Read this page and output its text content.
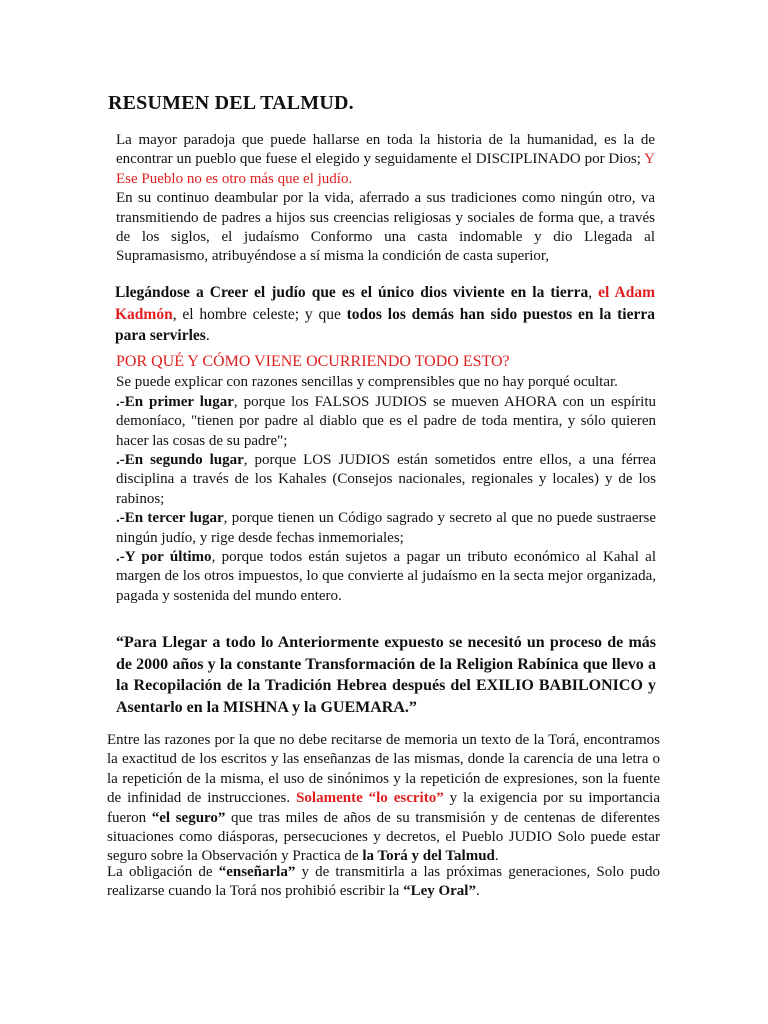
RESUMEN DEL TALMUD.
La mayor paradoja que puede hallarse en toda la historia de la humanidad, es la de encontrar un pueblo que fuese el elegido y seguidamente el DISCIPLINADO por Dios; Y Ese Pueblo no es otro más que el judío.
En su continuo deambular por la vida, aferrado a sus tradiciones como ningún otro, va transmitiendo de padres a hijos sus creencias religiosas y sociales de forma que, a través de los siglos, el judaísmo Conformo una casta indomable y dio Llegada al Supramasismo, atribuyéndose a sí misma la condición de casta superior,
Llegándose a Creer el judío que es el único dios viviente en la tierra, el Adam Kadmón, el hombre celeste; y que todos los demás han sido puestos en la tierra para servirles.
POR QUÉ Y CÓMO VIENE OCURRIENDO TODO ESTO?

Se puede explicar con razones sencillas y comprensibles que no hay porqué ocultar.

.-En primer lugar, porque los FALSOS JUDIOS se mueven AHORA con un espíritu demoníaco, "tienen por padre al diablo que es el padre de toda mentira, y sólo quieren hacer las cosas de su padre";

.-En segundo lugar, porque LOS JUDIOS están sometidos entre ellos, a una férrea disciplina a través de los Kahales (Consejos nacionales, regionales y locales) y de los rabinos;

.-En tercer lugar, porque tienen un Código sagrado y secreto al que no puede sustraerse ningún judío, y rige desde fechas inmemoriales;

.-Y por último, porque todos están sujetos a pagar un tributo económico al Kahal al margen de los otros impuestos, lo que convierte al judaísmo en la secta mejor organizada, pagada y sostenida del mundo entero.

“Para Llegar a todo lo Anteriormente expuesto se necesitó un proceso de más de 2000 años y la constante Transformación de la Religion Rabínica que llevo a la Recopilación de la Tradición Hebrea después del EXILIO BABILONICO y Asentarlo en la MISHNA y la GUEMARA.”
Entre las razones por la que no debe recitarse de memoria un texto de la Torá, encontramos la exactitud de los escritos y las enseñanzas de las mismas, donde la carencia de una letra o la repetición de la misma, el uso de sinónimos y la repetición de expresiones, son la fuente de infinidad de instrucciones. Solamente “lo escrito” y la exigencia por su importancia fueron “el seguro” que tras miles de años de su transmisión y de centenas de diferentes situaciones como diásporas, persecuciones y decretos, el Pueblo JUDIO Solo puede estar seguro sobre la Observación y Practica de la Torá y del Talmud.
La obligación de “enseñarla” y de transmitirla a las próximas generaciones, Solo pudo realizarse cuando la Torá nos prohibió escribir la “Ley Oral”.
